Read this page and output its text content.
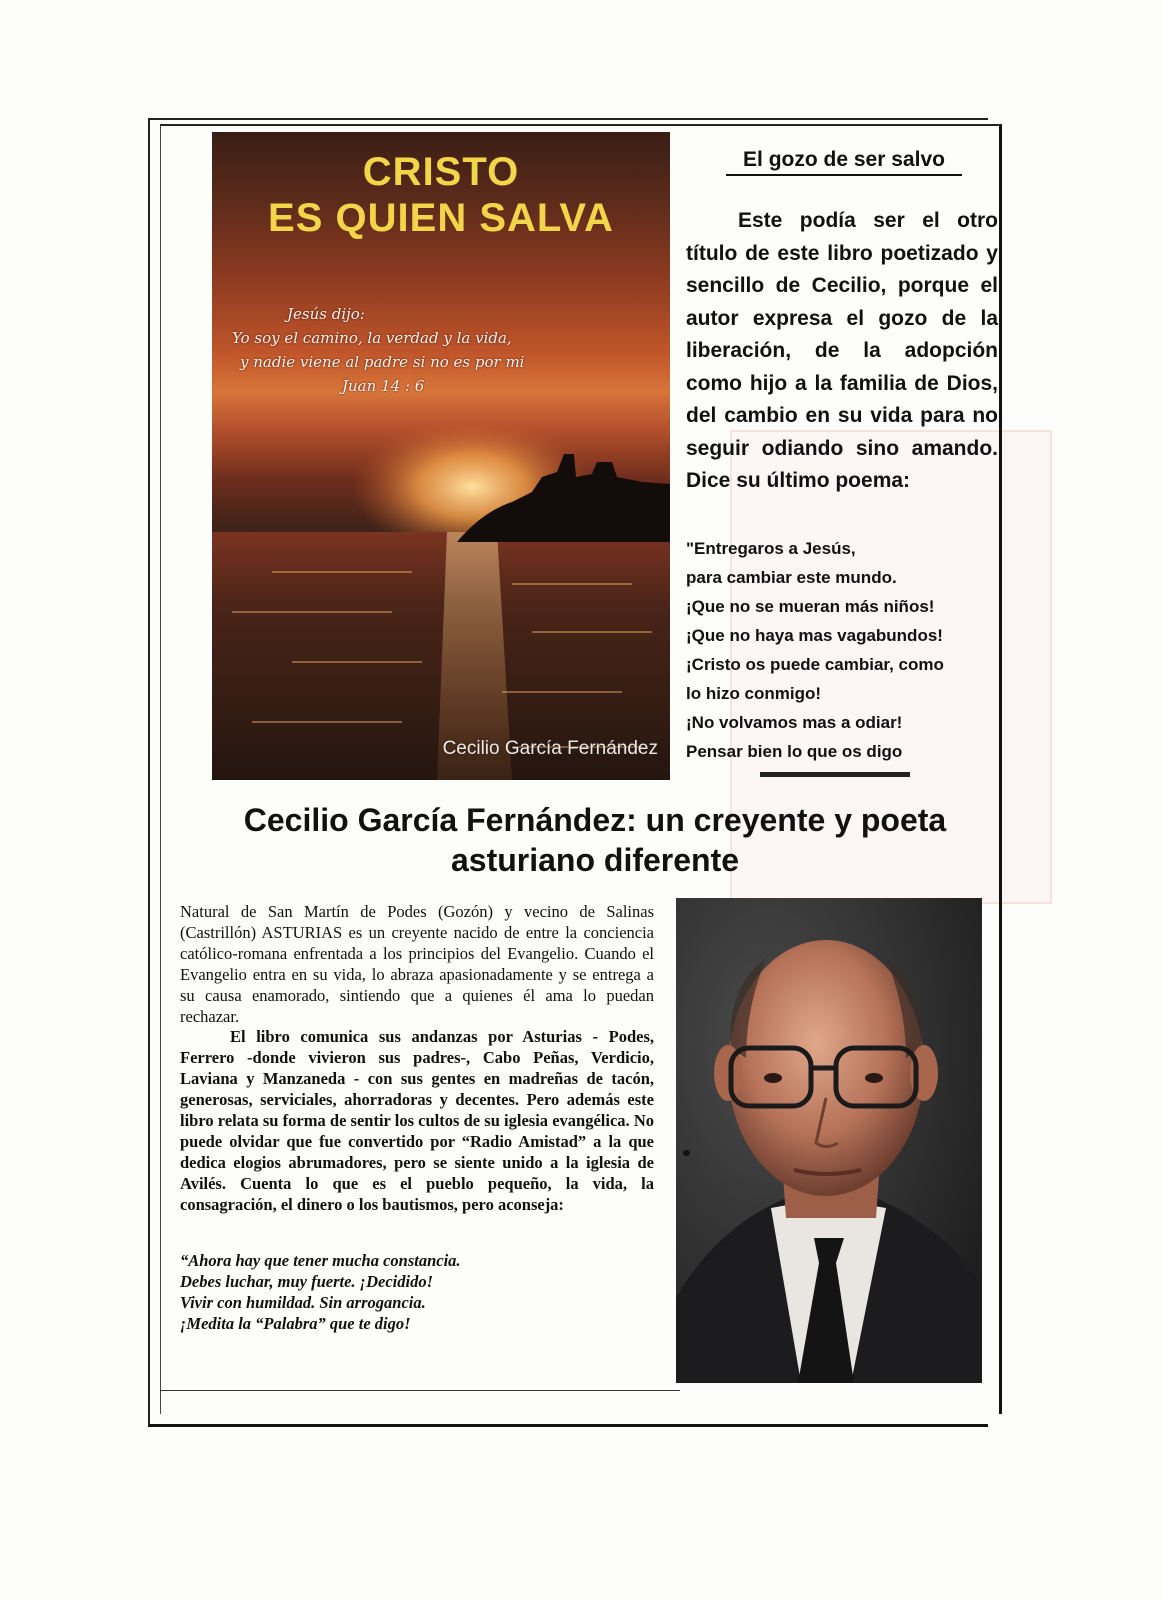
CRISTO
ES QUIEN SALVA
Jesús dijo:
Yo soy el camino, la verdad y la vida,
y nadie viene al padre si no es por mi
Juan 14 : 6
Cecilio García Fernández
El gozo de ser salvo
Este podía ser el otro título de este libro poetizado y sencillo de Cecilio, porque el autor expresa el gozo de la liberación, de la adopción como hijo a la familia de Dios, del cambio en su vida para no seguir odiando sino amando. Dice su último poema:
"Entregaros a Jesús,
para cambiar este mundo.
¡Que no se mueran más niños!
¡Que no haya mas vagabundos!
¡Cristo os puede cambiar, como
lo hizo conmigo!
¡No volvamos mas a odiar!
Pensar bien lo que os digo
Cecilio García Fernández: un creyente y poeta
asturiano diferente

Natural de San Martín de Podes (Gozón) y vecino de Salinas (Castrillón) ASTURIAS es un creyente nacido de entre la conciencia católico-romana enfrentada a los principios del Evangelio. Cuando el Evangelio entra en su vida, lo abraza apasionadamente y se entrega a su causa enamorado, sintiendo que a quienes él ama lo puedan rechazar.

El libro comunica sus andanzas por Asturias - Podes, Ferrero -donde vivieron sus padres-, Cabo Peñas, Verdicio, Laviana y Manzaneda - con sus gentes en madreñas de tacón, generosas, serviciales, ahorradoras y decentes. Pero además este libro relata su forma de sentir los cultos de su iglesia evangélica. No puede olvidar que fue convertido por “Radio Amistad” a la que dedica elogios abrumadores, pero se siente unido a la iglesia de Avilés. Cuenta lo que es el pueblo pequeño, la vida, la consagración, el dinero o los bautismos, pero aconseja:

“Ahora hay que tener mucha constancia.
Debes luchar, muy fuerte. ¡Decidido!
Vivir con humildad. Sin arrogancia.
¡Medita la “Palabra” que te digo!
